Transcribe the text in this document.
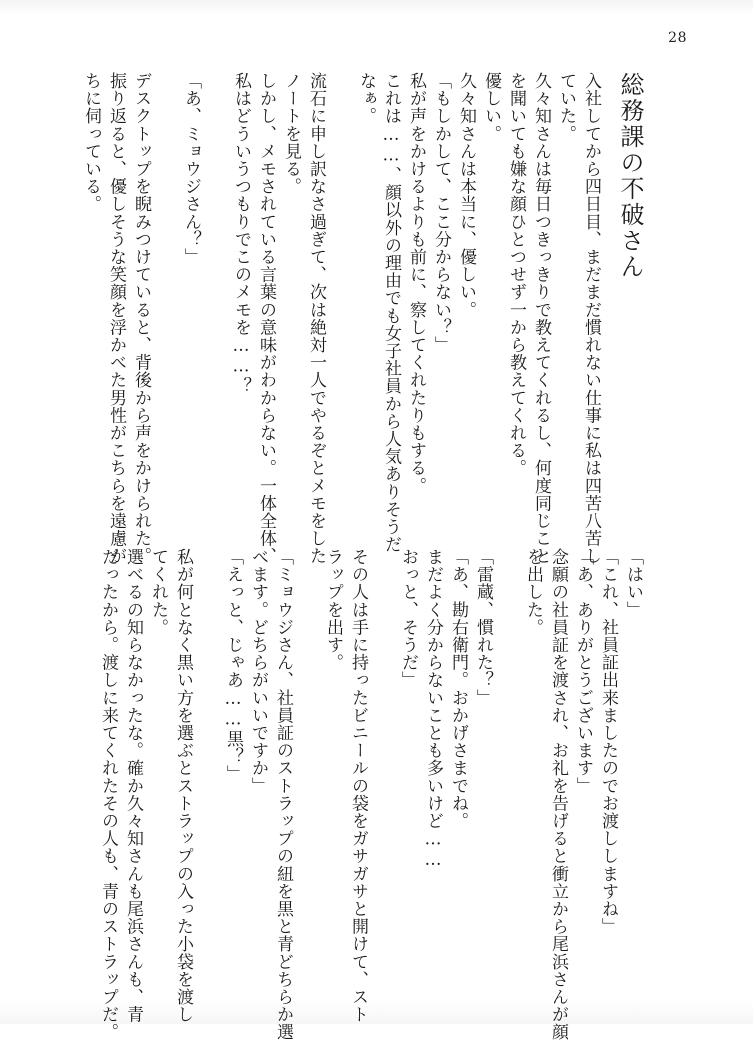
28
総務課の不破さん
入社してから四日目、まだまだ慣れない仕事に私は四苦八苦し
ていた。
久々知さんは毎日つきっきりで教えてくれるし、何度同じこと
を聞いても嫌な顔ひとつせず一から教えてくれる。
優しい。
久々知さんは本当に、優しい。
「もしかして、ここ分からない？」
私が声をかけるよりも前に、察してくれたりもする。
これは……、顔以外の理由でも女子社員から人気ありそうだ
なぁ。
流石に申し訳なさ過ぎて、次は絶対一人でやるぞとメモをした
ノートを見る。
しかし、メモされている言葉の意味がわからない。一体全体、
私はどういうつもりでこのメモを……？
「あ、ミョウジさん？」
デスクトップを睨みつけていると、背後から声をかけられた。
振り返ると、優しそうな笑顔を浮かべた男性がこちらを遠慮が
ちに伺っている。
「はい」
「これ、社員証出来ましたのでお渡ししますね」
「あ、ありがとうございます」
念願の社員証を渡され、お礼を告げると衝立から尾浜さんが顔
を出した。
「雷蔵、慣れた？」
「あ、勘右衛門。おかげさまでね。
まだよく分からないことも多いけど……
おっと、そうだ」
その人は手に持ったビニールの袋をガサガサと開けて、スト
ラップを出す。
「ミョウジさん、社員証のストラップの紐を黒と青どちらか選
べます。どちらがいいですか」
「えっと、じゃあ……黒？」
私が何となく黒い方を選ぶとストラップの入った小袋を渡し
てくれた。
選べるの知らなかったな。確か久々知さんも尾浜さんも、青
だったから。渡しに来てくれたその人も、青のストラップだ。
